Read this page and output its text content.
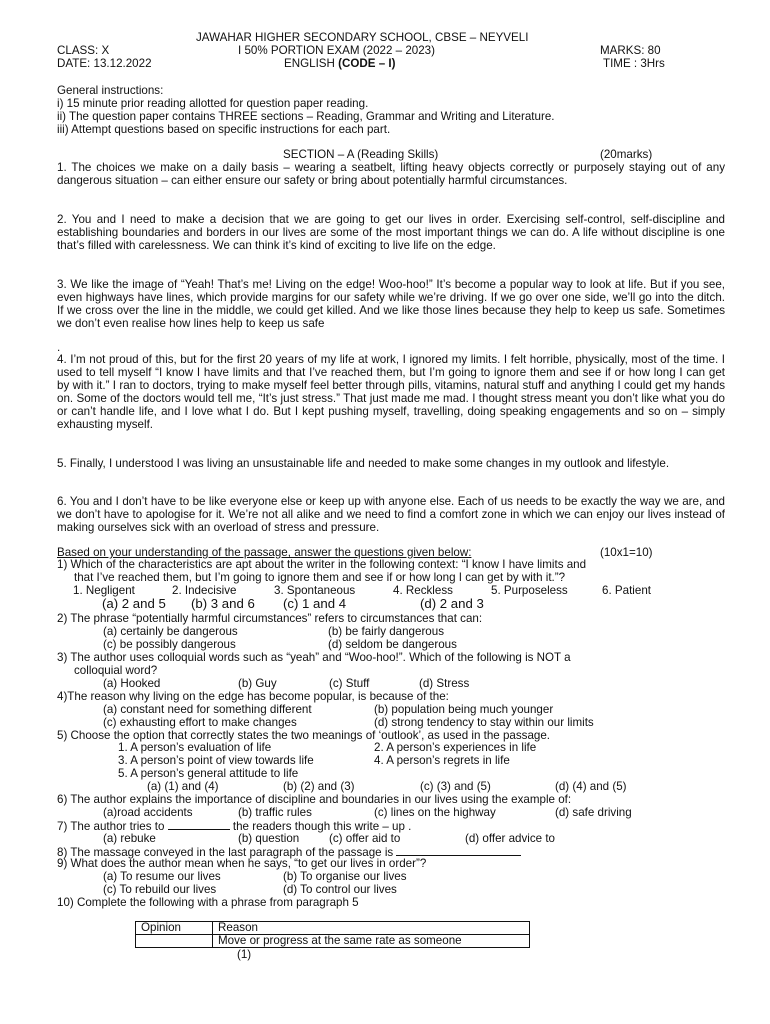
JAWAHAR HIGHER SECONDARY SCHOOL, CBSE – NEYVELI
CLASS: X	I 50% PORTION EXAM (2022 – 2023)	MARKS: 80
DATE: 13.12.2022	ENGLISH (CODE – I)	TIME : 3Hrs
General instructions:
i) 15 minute prior reading allotted for question paper reading.
ii) The question paper contains THREE sections – Reading, Grammar and Writing and Literature.
iii) Attempt questions based on specific instructions for each part.
SECTION – A (Reading Skills)	(20marks)
1. The choices we make on a daily basis – wearing a seatbelt, lifting heavy objects correctly or purposely staying out of any dangerous situation – can either ensure our safety or bring about potentially harmful circumstances.
2. You and I need to make a decision that we are going to get our lives in order. Exercising self-control, self-discipline and establishing boundaries and borders in our lives are some of the most important things we can do. A life without discipline is one that’s filled with carelessness. We can think it’s kind of exciting to live life on the edge.
3. We like the image of “Yeah! That’s me! Living on the edge! Woo-hoo!” It’s become a popular way to look at life. But if you see, even highways have lines, which provide margins for our safety while we’re driving. If we go over one side, we’ll go into the ditch. If we cross over the line in the middle, we could get killed. And we like those lines because they help to keep us safe. Sometimes we don’t even realise how lines help to keep us safe
.
4. I’m not proud of this, but for the first 20 years of my life at work, I ignored my limits. I felt horrible, physically, most of the time. I used to tell myself “I know I have limits and that I’ve reached them, but I’m going to ignore them and see if or how long I can get by with it.” I ran to doctors, trying to make myself feel better through pills, vitamins, natural stuff and anything I could get my hands on. Some of the doctors would tell me, “It’s just stress.” That just made me mad. I thought stress meant you don’t like what you do or can’t handle life, and I love what I do. But I kept pushing myself, travelling, doing speaking engagements and so on – simply exhausting myself.
5. Finally, I understood I was living an unsustainable life and needed to make some changes in my outlook and lifestyle.
6. You and I don’t have to be like everyone else or keep up with anyone else. Each of us needs to be exactly the way we are, and we don’t have to apologise for it. We’re not all alike and we need to find a comfort zone in which we can enjoy our lives instead of making ourselves sick with an overload of stress and pressure.
Based on your understanding of the passage, answer the questions given below:	(10x1=10)
1) Which of the characteristics are apt about the writer in the following context: “I know I have limits and
that I’ve reached them, but I’m going to ignore them and see if or how long I can get by with it.”?
1. Negligent	2. Indecisive	3. Spontaneous	4. Reckless	5. Purposeless	6. Patient
(a) 2 and 5 (b) 3 and 6 (c) 1 and 4	(d) 2 and 3
2) The phrase “potentially harmful circumstances” refers to circumstances that can:
(a) certainly be dangerous	(b) be fairly dangerous
(c) be possibly dangerous	(d) seldom be dangerous
3) The author uses colloquial words such as “yeah” and “Woo-hoo!”. Which of the following is NOT a
colloquial word?
(a) Hooked	(b) Guy	(c) Stuff	(d) Stress
4)The reason why living on the edge has become popular, is because of the:
(a) constant need for something different	(b) population being much younger
(c) exhausting effort to make changes	(d) strong tendency to stay within our limits
5) Choose the option that correctly states the two meanings of ‘outlook’, as used in the passage.
1. A person’s evaluation of life	2. A person’s experiences in life
3. A person’s point of view towards life	4. A person’s regrets in life
5. A person’s general attitude to life
(a) (1) and (4)	(b) (2) and (3)	(c) (3) and (5)	(d) (4) and (5)
6) The author explains the importance of discipline and boundaries in our lives using the example of:
(a)road accidents	(b) traffic rules	(c) lines on the highway	(d) safe driving
7) The author tries to	the readers though this write – up .
(a) rebuke	(b) question	(c) offer aid to	(d) offer advice to
8) The massage conveyed in the last paragraph of the passage is
9) What does the author mean when he says, “to get our lives in order”?
(a) To resume our lives	(b) To organise our lives
(c) To rebuild our lives	(d) To control our lives
10) Complete the following with a phrase from paragraph 5
Opinion	Reason
	Move or progress at the same rate as someone
(1)
